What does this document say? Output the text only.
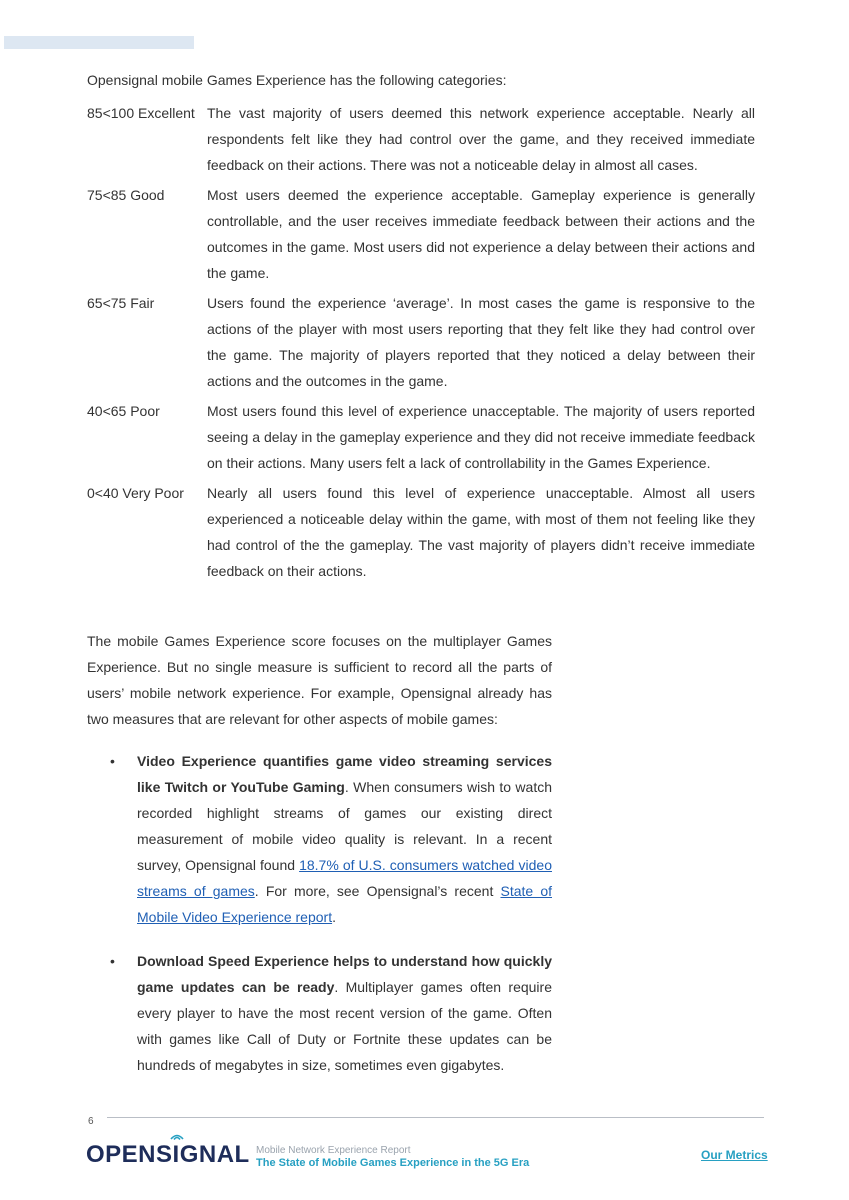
Opensignal mobile Games Experience has the following categories:
85<100 Excellent The vast majority of users deemed this network experience acceptable. Nearly all respondents felt like they had control over the game, and they received immediate feedback on their actions. There was not a noticeable delay in almost all cases.
75<85 Good	Most users deemed the experience acceptable. Gameplay experience is generally controllable, and the user receives immediate feedback between their actions and the outcomes in the game. Most users did not experience a delay between their actions and the game.
65<75 Fair	Users found the experience ‘average’. In most cases the game is responsive to the actions of the player with most users reporting that they felt like they had control over the game. The majority of players reported that they noticed a delay between their actions and the outcomes in the game.
40<65 Poor	Most users found this level of experience unacceptable. The majority of users reported seeing a delay in the gameplay experience and they did not receive immediate feedback on their actions. Many users felt a lack of controllability in the Games Experience.
0<40 Very Poor Nearly all users found this level of experience unacceptable. Almost all users experienced a noticeable delay within the game, with most of them not feeling like they had control of the the gameplay. The vast majority of players didn’t receive immediate feedback on their actions.

The mobile Games Experience score focuses on the multiplayer Games Experience. But no single measure is sufficient to record all the parts of users’ mobile network experience. For example, Opensignal already has two measures that are relevant for other aspects of mobile games:

• Video Experience quantifies game video streaming services like Twitch or YouTube Gaming. When consumers wish to watch recorded highlight streams of games our existing direct measurement of mobile video quality is relevant. In a recent survey, Opensignal found 18.7% of U.S. consumers watched video streams of games. For more, see Opensignal’s recent State of Mobile Video Experience report.
• Download Speed Experience helps to understand how quickly game updates can be ready. Multiplayer games often require every player to have the most recent version of the game. Often with games like Call of Duty or Fortnite these updates can be hundreds of megabytes in size, sometimes even gigabytes.
6
OPENS
IGNAL Mobile Network Experience Report
The State of Mobile Games Experience in the 5G Era
Our Metrics
